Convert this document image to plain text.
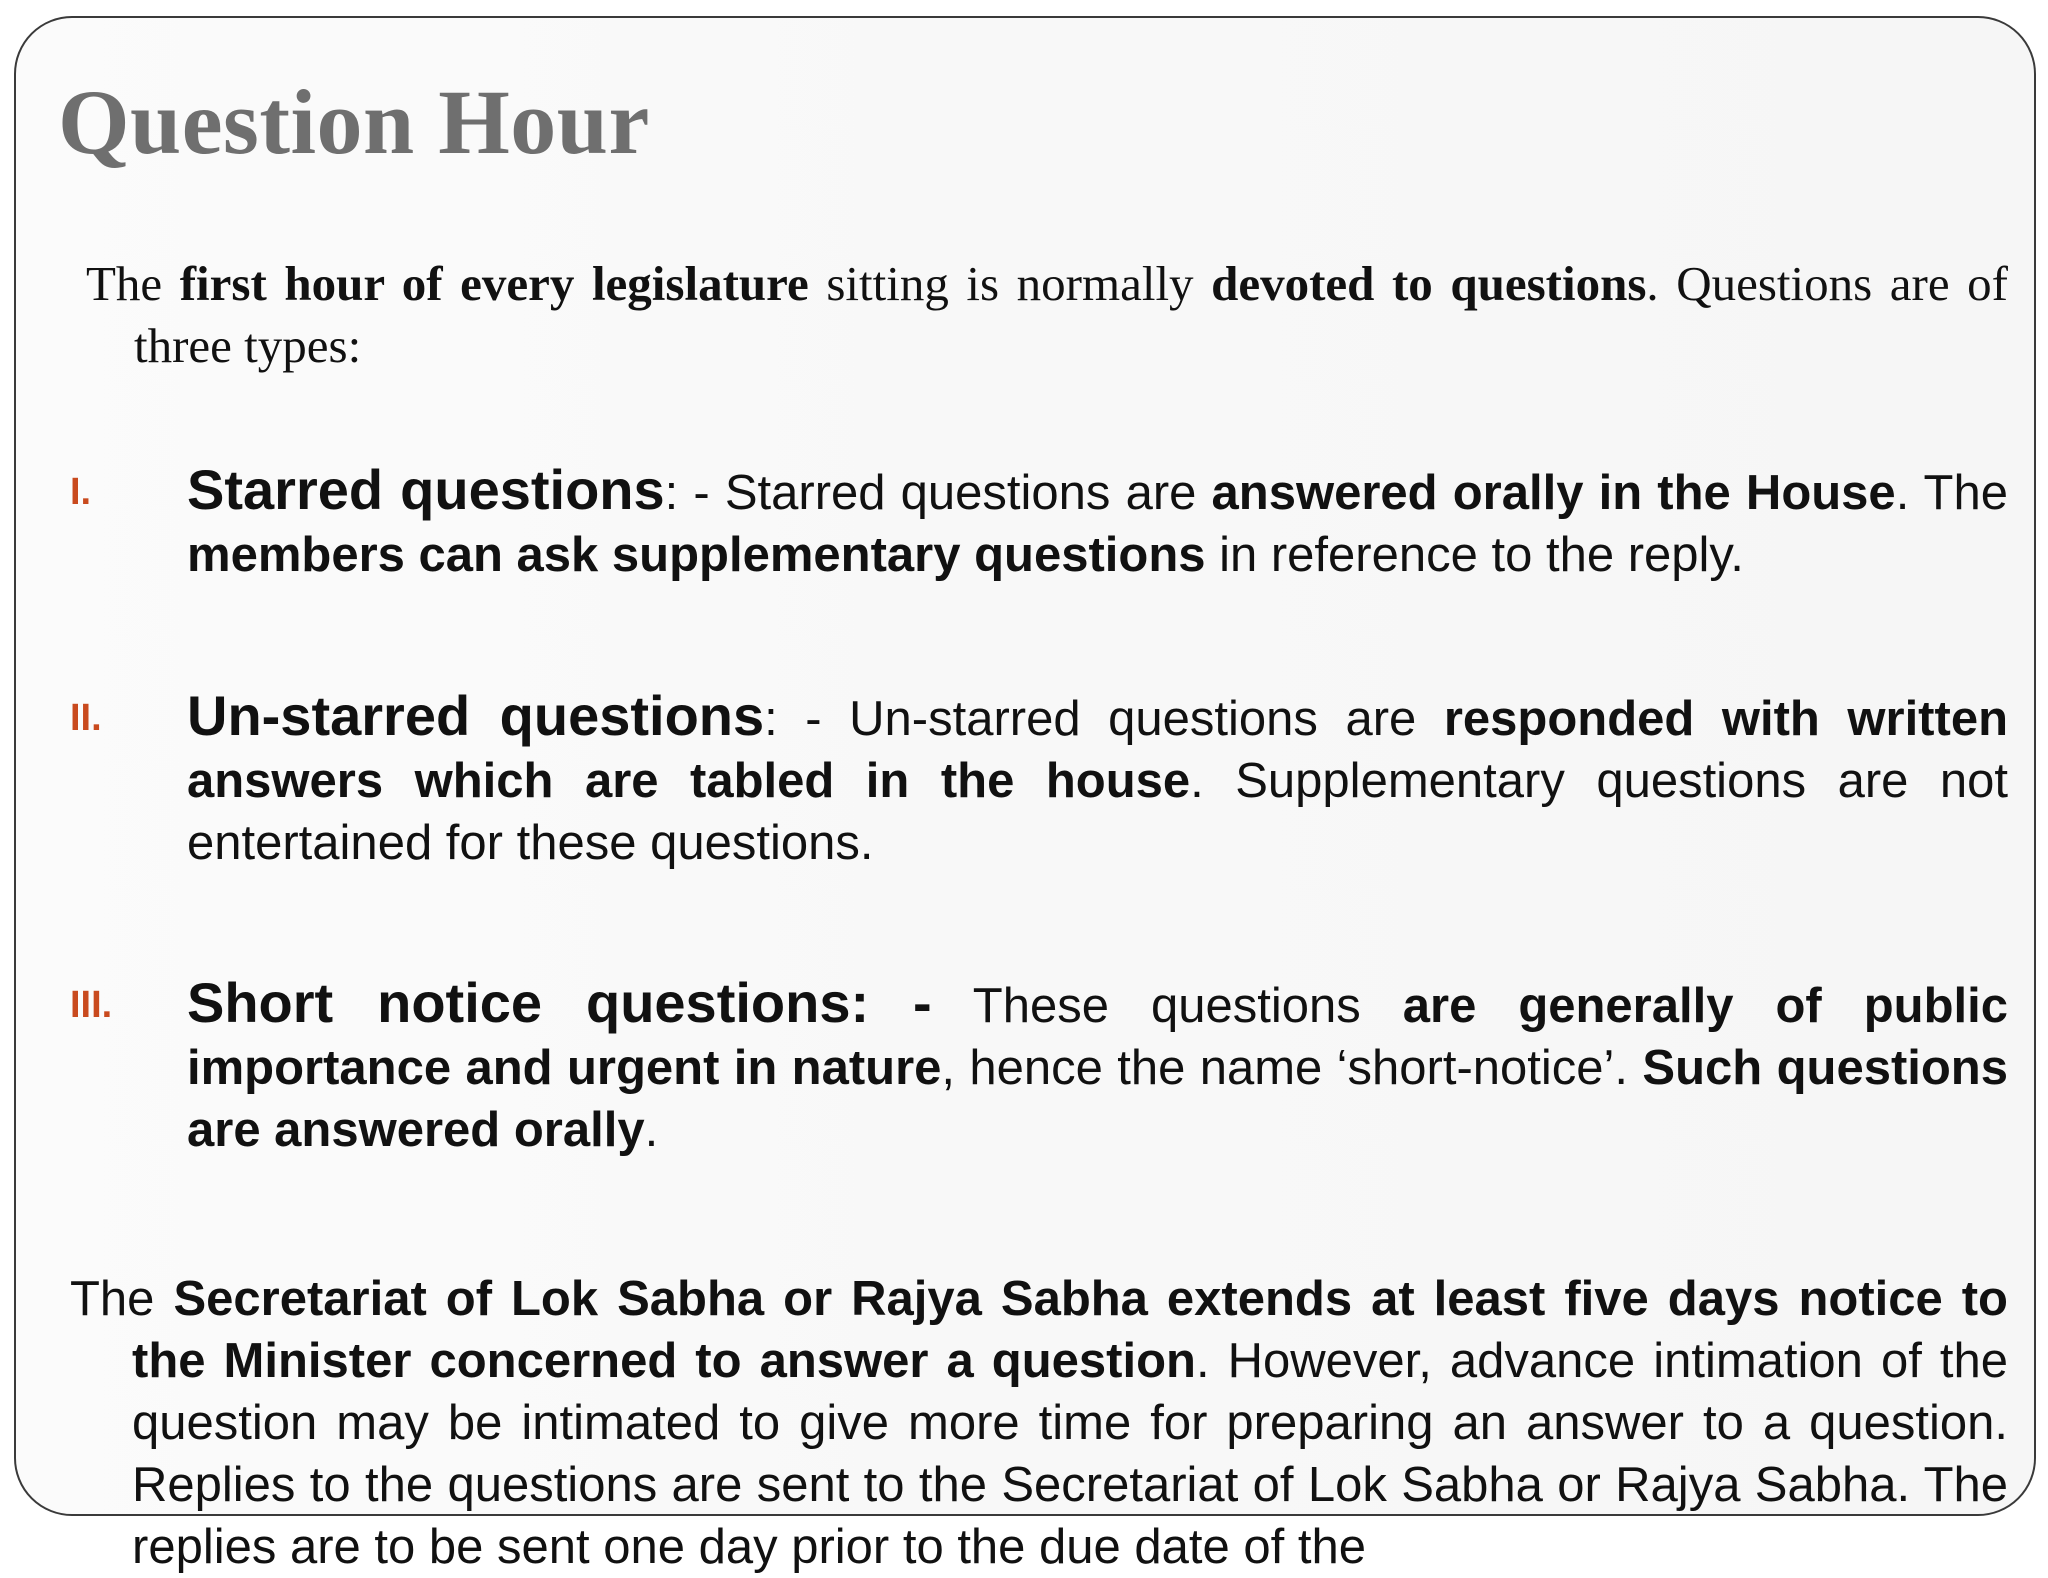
Question Hour

The first hour of every legislature sitting is normally devoted to questions. Questions are of three types:

I. Starred questions: - Starred questions are answered orally in the House. The members can ask supplementary questions in reference to the reply.
II. Un-starred questions: - Un-starred questions are responded with written answers which are tabled in the house. Supplementary questions are not entertained for these questions.
III. Short notice questions: - These questions are generally of public importance and urgent in nature, hence the name ‘short-notice’. Such questions are answered orally.

The Secretariat of Lok Sabha or Rajya Sabha extends at least five days notice to the Minister concerned to answer a question. However, advance intimation of the question may be intimated to give more time for preparing an answer to a question. Replies to the questions are sent to the Secretariat of Lok Sabha or Rajya Sabha. The replies are to be sent one day prior to the due date of the
